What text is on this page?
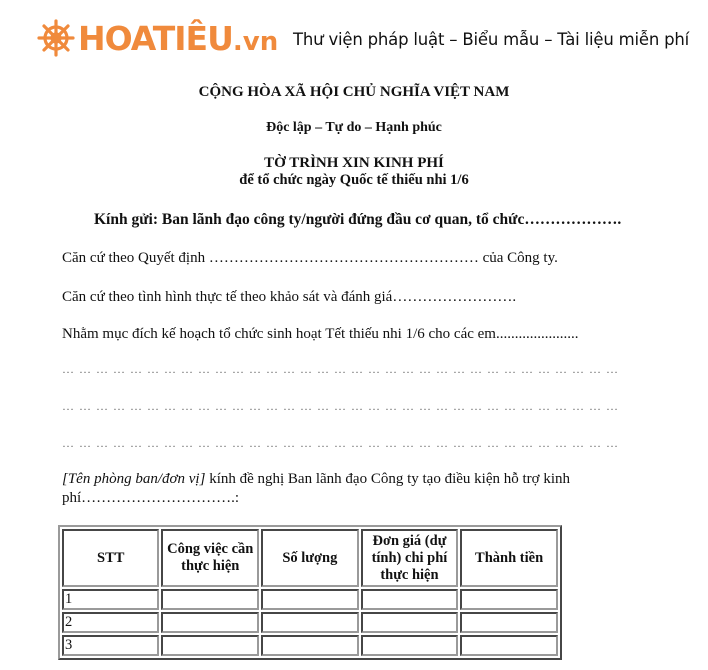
HOATIÊU.vn Thư viện pháp luật – Biểu mẫu – Tài liệu miễn phí
CỘNG HÒA XÃ HỘI CHỦ NGHĨA VIỆT NAM
Độc lập – Tự do – Hạnh phúc
TỜ TRÌNH XIN KINH PHÍ
để tổ chức ngày Quốc tế thiếu nhi 1/6
Kính gửi: Ban lãnh đạo công ty/người đứng đầu cơ quan, tổ chức……………….
Căn cứ theo Quyết định ……………………………………………… của Công ty.
Căn cứ theo tình hình thực tế theo khảo sát và đánh giá…………………….
Nhằm mục đích kế hoạch tổ chức sinh hoạt Tết thiếu nhi 1/6 cho các em......................
… … … … … … … … … … … … … … … … … … … … … … … … … … … … … … … … …
… … … … … … … … … … … … … … … … … … … … … … … … … … … … … … … … …
… … … … … … … … … … … … … … … … … … … … … … … … … … … … … … … … …
[Tên phòng ban/đơn vị] kính đề nghị Ban lãnh đạo Công ty tạo điều kiện hỗ trợ kinh phí………………………….:
STT	Công việc cần thực hiện	Số lượng	Đơn giá (dự tính) chi phí thực hiện	Thành tiền
1				
2				
3				
